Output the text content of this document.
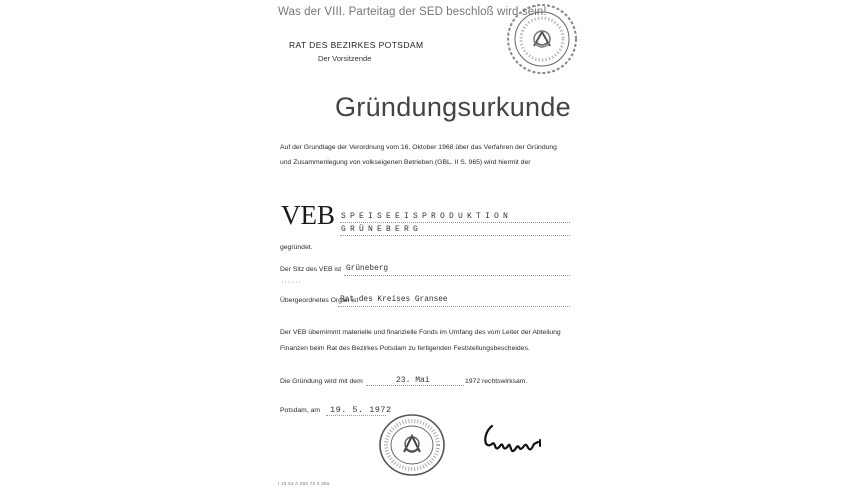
Was der VIII. Parteitag der SED beschloß wird sein!
RAT DES BEZIRKES POTSDAM
Der Vorsitzende
Gründungsurkunde
Auf der Grundlage der Verordnung vom 16. Oktober 1968 über das Verfahren der Gründung
und Zusammenlegung von volkseigenen Betrieben (GBL. II S. 965) wird hiermit der
VEB SPEISEEISPRODUKTION
GRÜNEBERG
gegründet.
Der Sitz des VEB ist Grüneberg
' ' ' ' ' ' '
Übergeordnetes Organ ist
Rat des Kreises Gransee
Der VEB übernimmt materielle und finanzielle Fonds im Umfang des vom Leiter der Abteilung
Finanzen beim Rat des Bezirkes Potsdam zu fertigenden Feststellungsbescheides.
Die Gründung wird mit dem	23. Mai	1972 rechtswirksam.
Potsdam, am 19. 5. 1972
I 15 52 A 260 72 3 366
